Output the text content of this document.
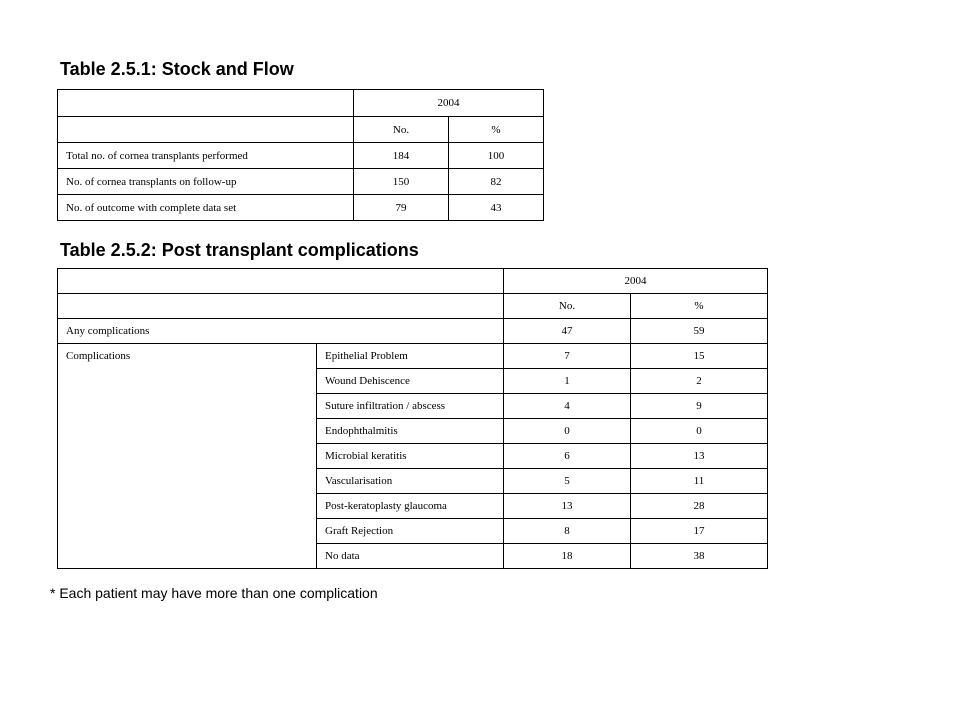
Table 2.5.1: Stock and Flow
	2004	
	No.	%
Total no. of cornea transplants performed	184	100
No. of cornea transplants on follow-up	150	82
No. of outcome with complete data set	79	43
Table 2.5.2: Post transplant complications
		2004	
		No.	%
Any complications		47	59
Complications	Epithelial Problem	7	15
	Wound Dehiscence	1	2
	Suture infiltration / abscess	4	9
	Endophthalmitis	0	0
	Microbial keratitis	6	13
	Vascularisation	5	11
	Post-keratoplasty glaucoma	13	28
	Graft Rejection	8	17
	No data	18	38
* Each patient may have more than one complication
